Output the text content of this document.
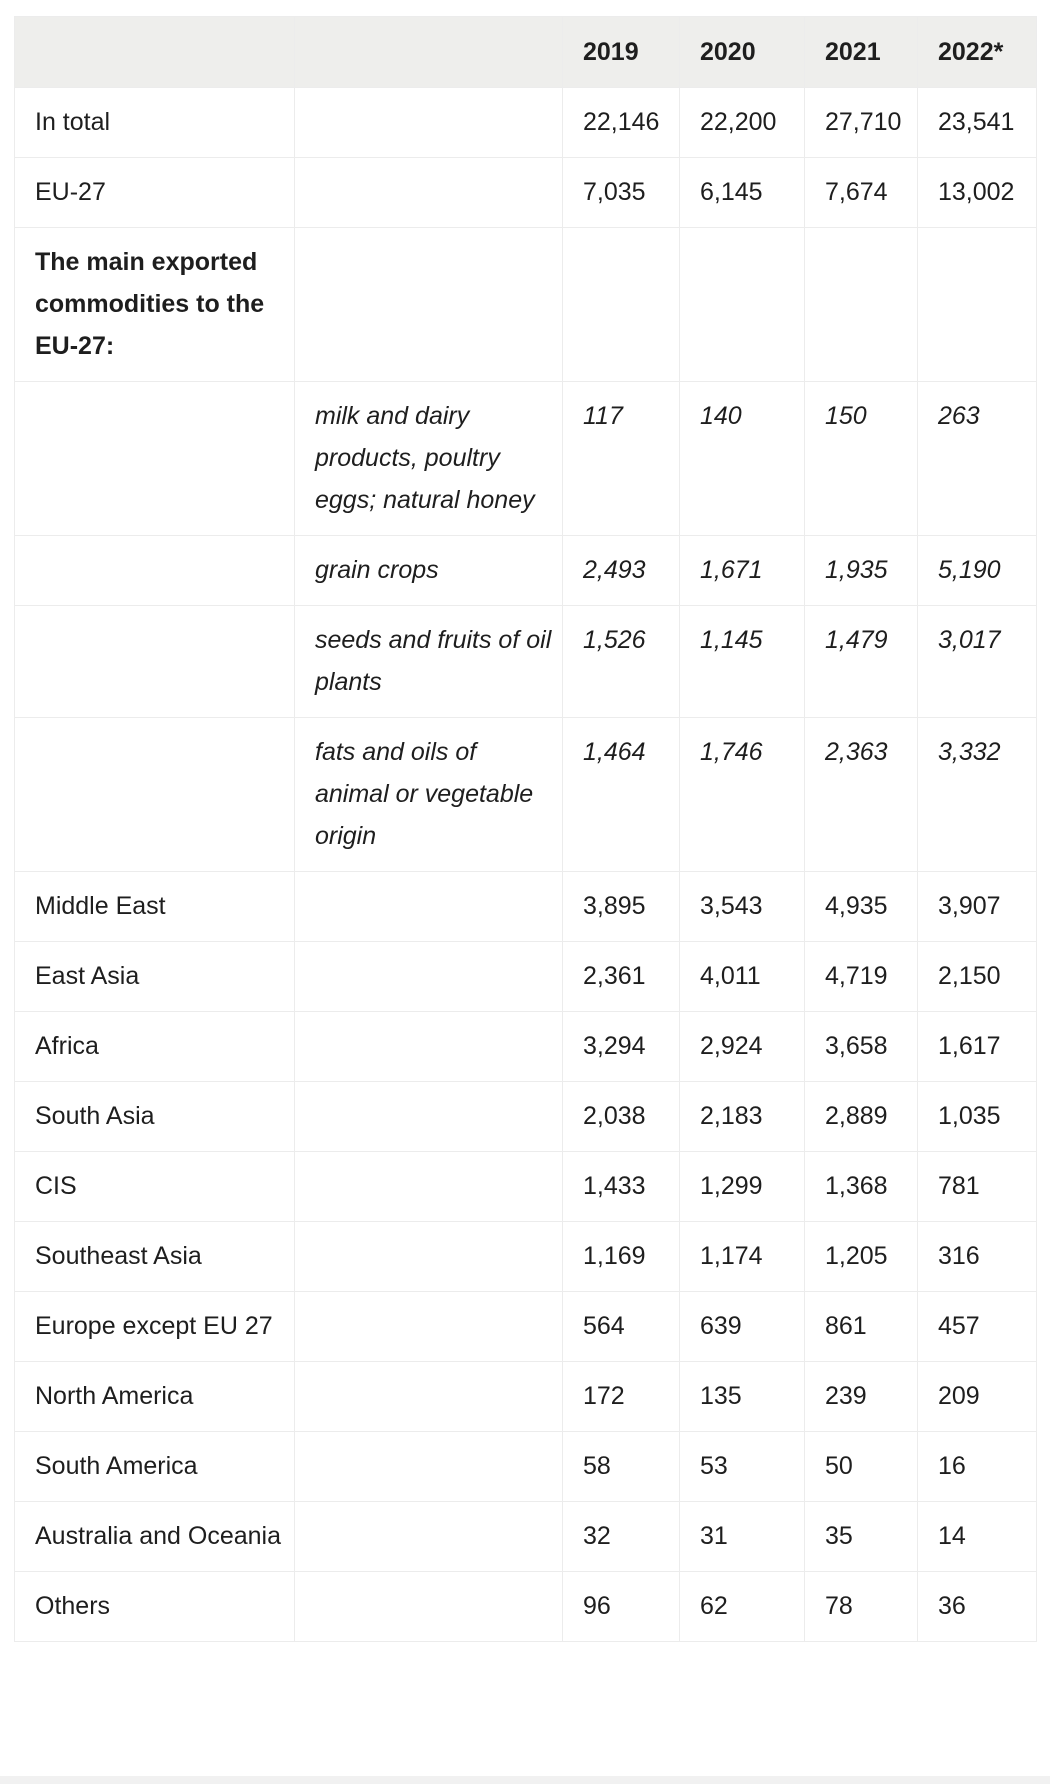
		2019	2020	2021	2022*
In total		22,146	22,200	27,710	23,541
EU-27		7,035	6,145	7,674	13,002
The main exported commodities to the EU-27:					
	milk and dairy products, poultry eggs; natural honey	117	140	150	263
	grain crops	2,493	1,671	1,935	5,190
	seeds and fruits of oil plants	1,526	1,145	1,479	3,017
	fats and oils of animal or vegetable origin	1,464	1,746	2,363	3,332
Middle East		3,895	3,543	4,935	3,907
East Asia		2,361	4,011	4,719	2,150
Africa		3,294	2,924	3,658	1,617
South Asia		2,038	2,183	2,889	1,035
CIS		1,433	1,299	1,368	781
Southeast Asia		1,169	1,174	1,205	316
Europe except EU 27		564	639	861	457
North America		172	135	239	209
South America		58	53	50	16
Australia and Oceania		32	31	35	14
Others		96	62	78	36
